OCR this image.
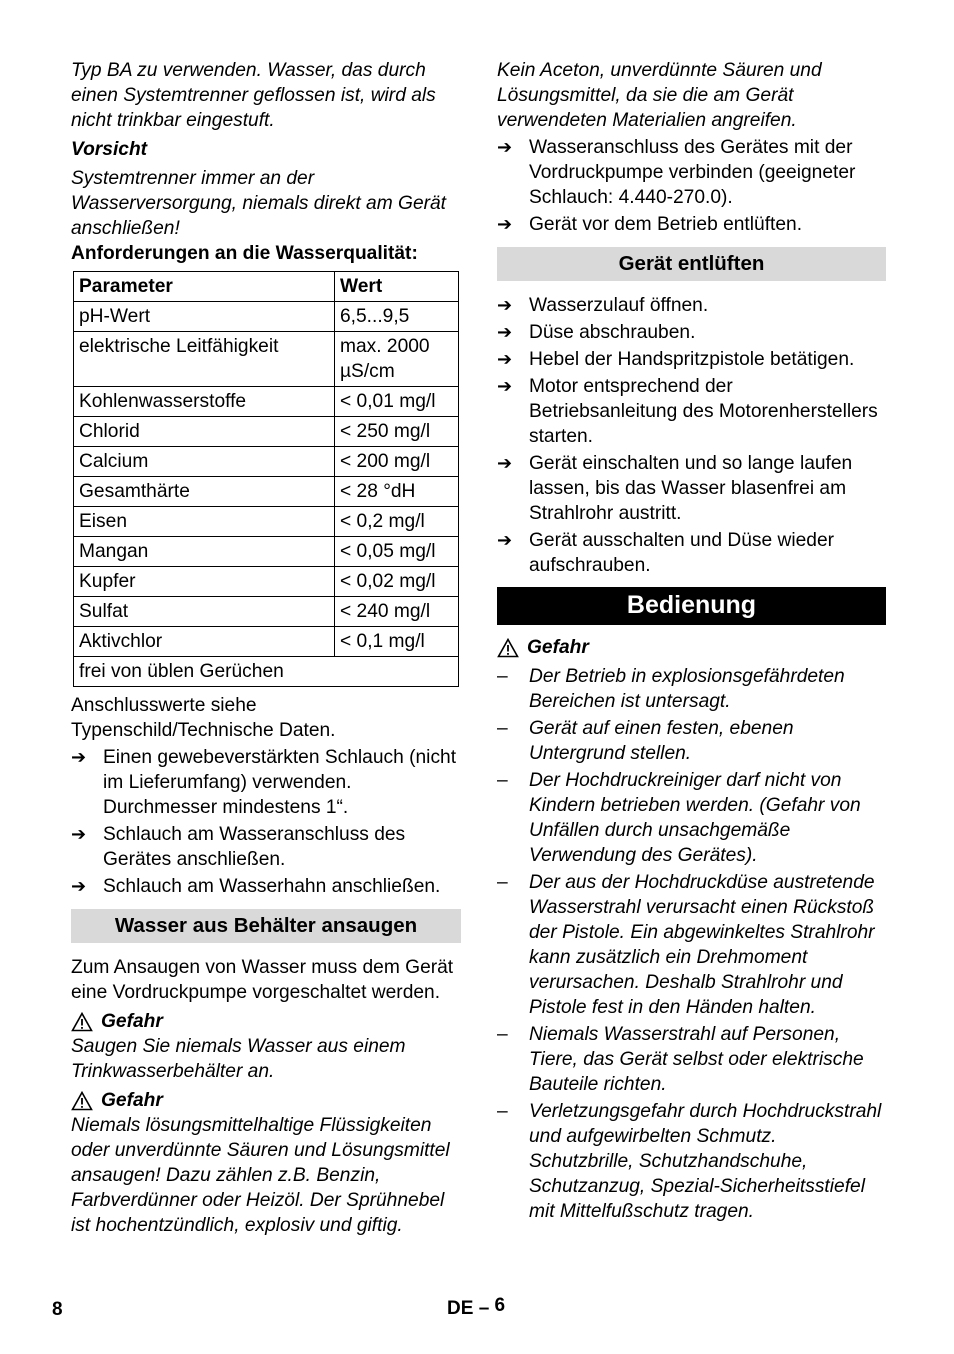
Typ BA zu verwenden. Wasser, das durch einen Systemtrenner geflossen ist, wird als nicht trinkbar eingestuft.

Vorsicht

Systemtrenner immer an der Wasserversorgung, niemals direkt am Gerät anschließen!

Anforderungen an die Wasserqualität:

Parameter	Wert
pH-Wert	6,5...9,5
elektrische Leitfähigkeit	max. 2000 µS/cm
Kohlenwasserstoffe	< 0,01 mg/l
Chlorid	< 250 mg/l
Calcium	< 200 mg/l
Gesamthärte	< 28 °dH
Eisen	< 0,2 mg/l
Mangan	< 0,05 mg/l
Kupfer	< 0,02 mg/l
Sulfat	< 240 mg/l
Aktivchlor	< 0,1 mg/l
frei von üblen Gerüchen	

Anschlusswerte siehe Typenschild/Technische Daten.

➔ Einen gewebeverstärkten Schlauch (nicht im Lieferumfang) verwenden. Durchmesser mindestens 1“.
➔ Schlauch am Wasseranschluss des Gerätes anschließen.
➔ Schlauch am Wasserhahn anschließen.
Wasser aus Behälter ansaugen

Zum Ansaugen von Wasser muss dem Gerät eine Vordruckpumpe vorgeschaltet werden.

Gefahr

Saugen Sie niemals Wasser aus einem Trinkwasserbehälter an.

Gefahr

Niemals lösungsmittelhaltige Flüssigkeiten oder unverdünnte Säuren und Lösungsmittel ansaugen! Dazu zählen z.B. Benzin, Farbverdünner oder Heizöl. Der Sprühnebel ist hochentzündlich, explosiv und giftig.

Kein Aceton, unverdünnte Säuren und Lösungsmittel, da sie die am Gerät verwendeten Materialien angreifen.

➔ Wasseranschluss des Gerätes mit der Vordruckpumpe verbinden (geeigneter Schlauch: 4.440-270.0).
➔ Gerät vor dem Betrieb entlüften.
Gerät entlüften
➔ Wasserzulauf öffnen.
➔ Düse abschrauben.
➔ Hebel der Handspritzpistole betätigen.
➔ Motor entsprechend der Betriebsanleitung des Motorenherstellers starten.
➔ Gerät einschalten und so lange laufen lassen, bis das Wasser blasenfrei am Strahlrohr austritt.
➔ Gerät ausschalten und Düse wieder aufschrauben.
Bedienung
Gefahr
–	Der Betrieb in explosionsgefährdeten Bereichen ist untersagt.
–	Gerät auf einen festen, ebenen Untergrund stellen.
–	Der Hochdruckreiniger darf nicht von Kindern betrieben werden. (Gefahr von Unfällen durch unsachgemäße Verwendung des Gerätes).
–	Der aus der Hochdruckdüse austretende Wasserstrahl verursacht einen Rückstoß der Pistole. Ein abgewinkeltes Strahlrohr kann zusätzlich ein Drehmoment verursachen. Deshalb Strahlrohr und Pistole fest in den Händen halten.
–	Niemals Wasserstrahl auf Personen, Tiere, das Gerät selbst oder elektrische Bauteile richten.
–	Verletzungsgefahr durch Hochdruckstrahl und aufgewirbelten Schmutz. Schutzbrille, Schutzhandschuhe, Schutzanzug, Spezial-Sicherheitsstiefel mit Mittelfußschutz tragen.
8	DE – 6
